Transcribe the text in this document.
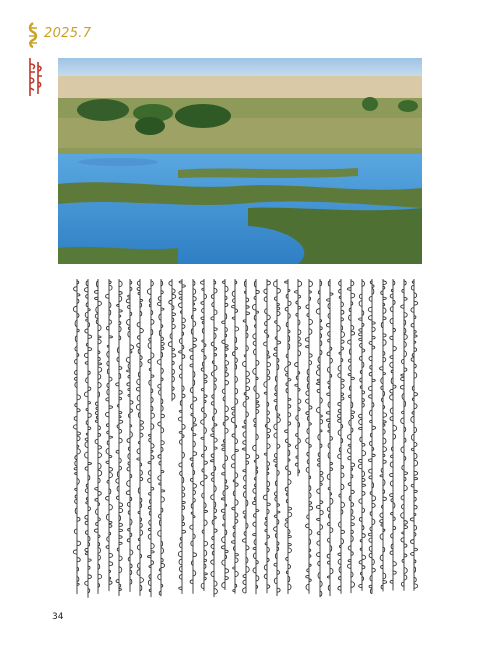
2025.7
34
